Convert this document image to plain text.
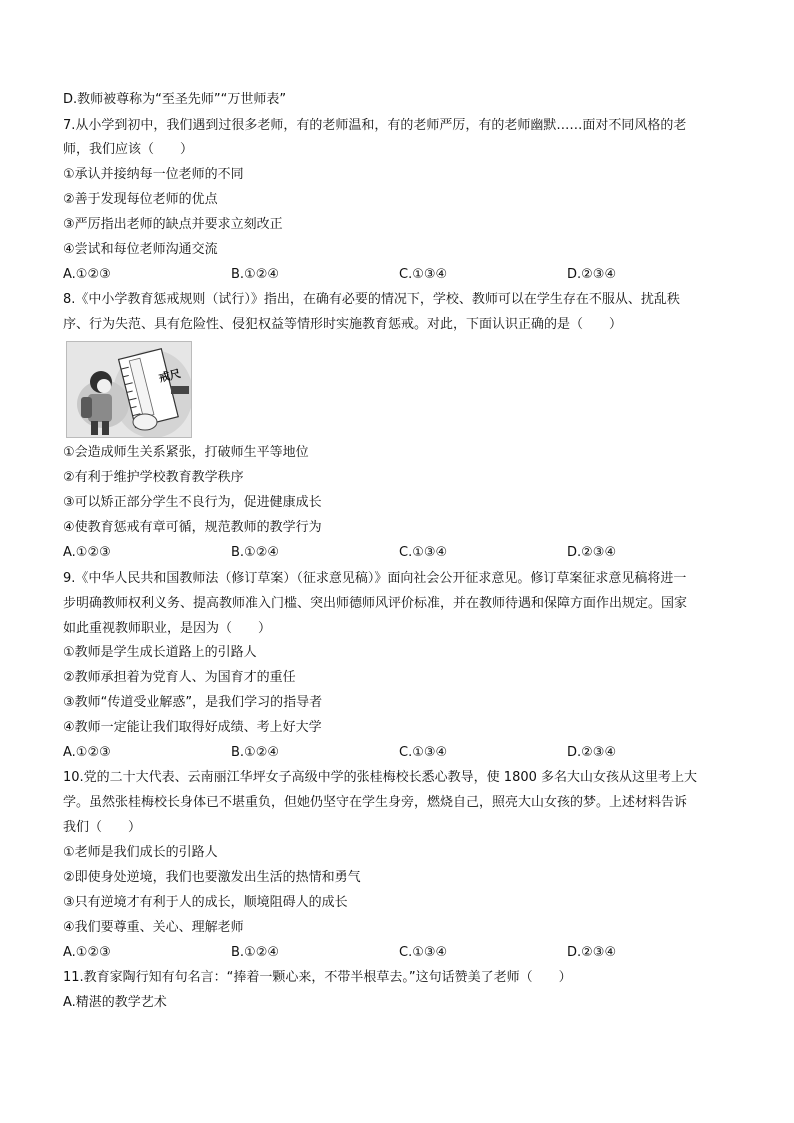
D.教师被尊称为“至圣先师”“万世师表”
7.从小学到初中，我们遇到过很多老师，有的老师温和，有的老师严厉，有的老师幽默……面对不同风格的老
师，我们应该（　　）
①承认并接纳每一位老师的不同
②善于发现每位老师的优点
③严厉指出老师的缺点并要求立刻改正
④尝试和每位老师沟通交流
A.①②③	B.①②④	C.①③④	D.②③④
8.《中小学教育惩戒规则（试行）》指出，在确有必要的情况下，学校、教师可以在学生存在不服从、扰乱秩
序、行为失范、具有危险性、侵犯权益等情形时实施教育惩戒。对此，下面认识正确的是（　　）
戒尺
①会造成师生关系紧张，打破师生平等地位
②有利于维护学校教育教学秩序
③可以矫正部分学生不良行为，促进健康成长
④使教育惩戒有章可循，规范教师的教学行为
A.①②③	B.①②④	C.①③④	D.②③④
9.《中华人民共和国教师法（修订草案）（征求意见稿）》面向社会公开征求意见。修订草案征求意见稿将进一
步明确教师权利义务、提高教师准入门槛、突出师德师风评价标准，并在教师待遇和保障方面作出规定。国家
如此重视教师职业，是因为（　　）
①教师是学生成长道路上的引路人
②教师承担着为党育人、为国育才的重任
③教师“传道受业解惑”，是我们学习的指导者
④教师一定能让我们取得好成绩、考上好大学
A.①②③	B.①②④	C.①③④	D.②③④
10.党的二十大代表、云南丽江华坪女子高级中学的张桂梅校长悉心教导，使 1800 多名大山女孩从这里考上大
学。虽然张桂梅校长身体已不堪重负，但她仍坚守在学生身旁，燃烧自己，照亮大山女孩的梦。上述材料告诉
我们（　　）
①老师是我们成长的引路人
②即使身处逆境，我们也要激发出生活的热情和勇气
③只有逆境才有利于人的成长，顺境阻碍人的成长
④我们要尊重、关心、理解老师
A.①②③	B.①②④	C.①③④	D.②③④
11.教育家陶行知有句名言：“捧着一颗心来，不带半根草去。”这句话赞美了老师（　　）
A.精湛的教学艺术
